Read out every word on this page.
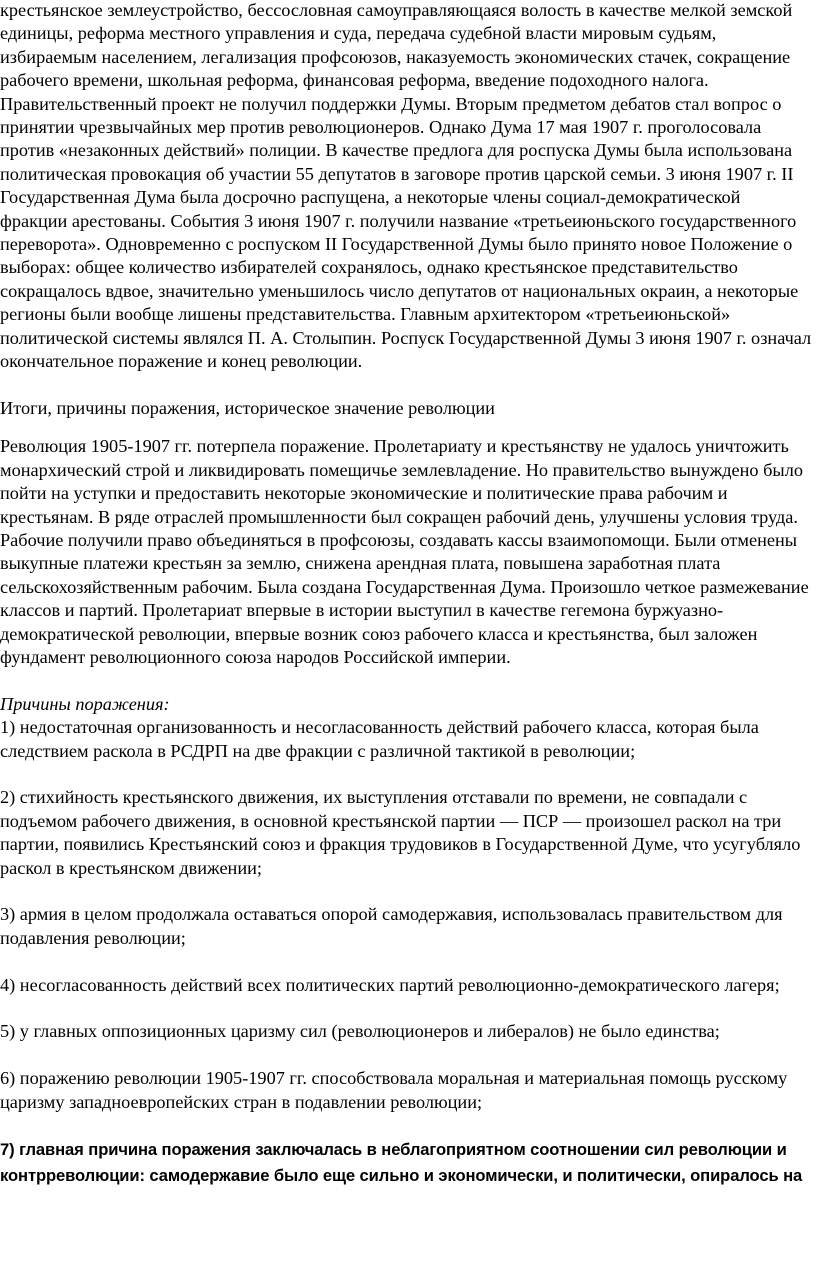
крестьянское землеустройство, бессословная самоуправляющаяся волость в качестве мелкой земской единицы, реформа местного управления и суда, передача судебной власти мировым судьям, избираемым населением, легализация профсоюзов, наказуемость экономических стачек, сокращение рабочего времени, школьная реформа, финансовая реформа, введение подоходного налога. Правительственный проект не получил поддержки Думы. Вторым предметом дебатов стал вопрос о принятии чрезвычайных мер против революционеров. Однако Дума 17 мая 1907 г. проголосовала против «незаконных действий» полиции. В качестве предлога для роспуска Думы была использована политическая провокация об участии 55 депутатов в заговоре против царской семьи. 3 июня 1907 г. II Государственная Дума была досрочно распущена, а некоторые члены социал-демократической фракции арестованы. События 3 июня 1907 г. получили название «третьеиюньского государственного переворота». Одновременно с роспуском II Государственной Думы было принято новое Положение о выборах: общее количество избирателей сохранялось, однако крестьянское представительство сокращалось вдвое, значительно уменьшилось число депутатов от национальных окраин, а некоторые регионы были вообще лишены представительства. Главным архитектором «третьеиюньской» политической системы являлся П. А. Столыпин. Роспуск Государственной Думы 3 июня 1907 г. означал окончательное поражение и конец революции.

Итоги, причины поражения, историческое значение революции

Революция 1905-1907 гг. потерпела поражение. Пролетариату и крестьянству не удалось уничтожить монархический строй и ликвидировать помещичье землевладение. Но правительство вынуждено было пойти на уступки и предоставить некоторые экономические и политические права рабочим и крестьянам. В ряде отраслей промышленности был сокращен рабочий день, улучшены условия труда. Рабочие получили право объединяться в профсоюзы, создавать кассы взаимопомощи. Были отменены выкупные платежи крестьян за землю, снижена арендная плата, повышена заработная плата сельскохозяйственным рабочим. Была создана Государственная Дума. Произошло четкое размежевание классов и партий. Пролетариат впервые в истории выступил в качестве гегемона буржуазно-демократической революции, впервые возник союз рабочего класса и крестьянства, был заложен фундамент революционного союза народов Российской империи.

Причины поражения:

1) недостаточная организованность и несогласованность действий рабочего класса, которая была следствием раскола в РСДРП на две фракции с различной тактикой в революции;

2) стихийность крестьянского движения, их выступления отставали по времени, не совпадали с подъемом рабочего движения, в основной крестьянской партии — ПСР — произошел раскол на три партии, появились Крестьянский союз и фракция трудовиков в Государственной Думе, что усугубляло раскол в крестьянском движении;

3) армия в целом продолжала оставаться опорой самодержавия, использовалась правительством для подавления революции;

4) несогласованность действий всех политических партий революционно-демократического лагеря;

5) у главных оппозиционных царизму сил (революционеров и либералов) не было единства;

6) поражению революции 1905-1907 гг. способствовала моральная и материальная помощь русскому царизму западноевропейских стран в подавлении революции;

7) главная причина поражения заключалась в неблагоприятном соотношении сил революции и контрреволюции: самодержавие было еще сильно и экономически, и политически, опиралось на
